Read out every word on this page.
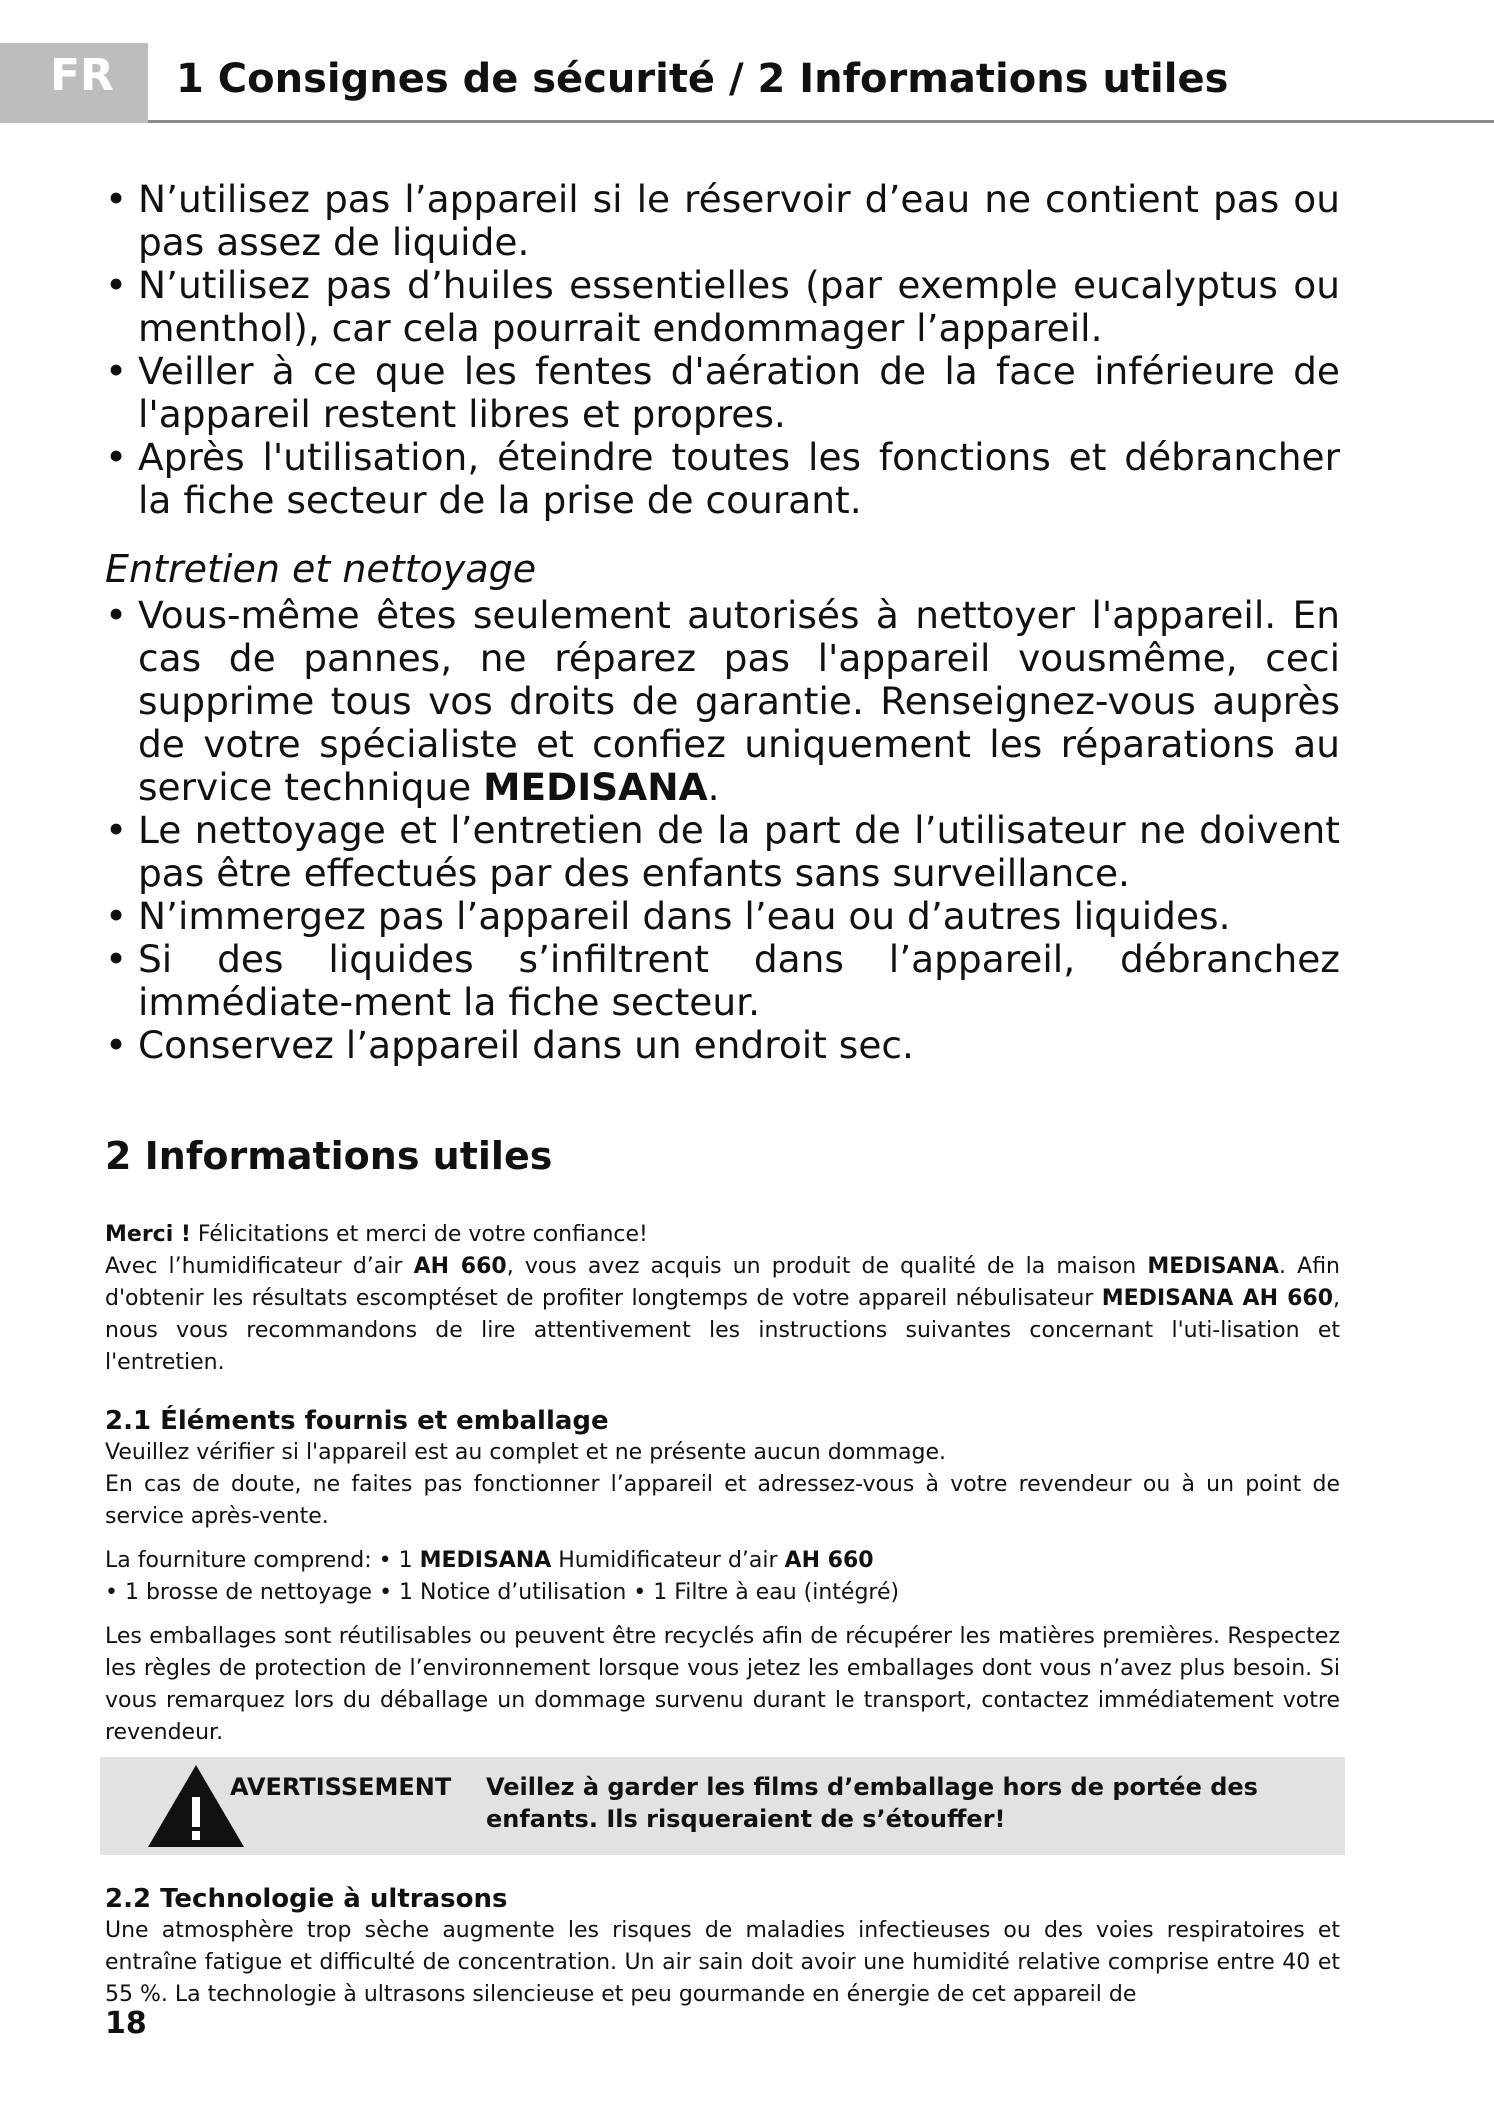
FR	1 Consignes de sécurité / 2 Informations utiles
• N’utilisez pas l’appareil si le réservoir d’eau ne contient pas ou pas assez de liquide.
• N’utilisez pas d’huiles essentielles (par exemple eucalyptus ou menthol), car cela pourrait endommager l’appareil.
• Veiller à ce que les fentes d'aération de la face inférieure de l'appareil restent libres et propres.
• Après l'utilisation, éteindre toutes les fonctions et débrancher la fiche secteur de la prise de courant.
Entretien et nettoyage
• Vous-même êtes seulement autorisés à nettoyer l'appareil. En cas de pannes, ne réparez pas l'appareil vousmême, ceci supprime tous vos droits de garantie. Renseignez-vous auprès de votre spécialiste et confiez uniquement les réparations au service technique MEDISANA.
• Le nettoyage et l’entretien de la part de l’utilisateur ne doivent pas être effectués par des enfants sans surveillance.
• N’immergez pas l’appareil dans l’eau ou d’autres liquides.
• Si des liquides s’infiltrent dans l’appareil, débranchez immédiate-ment la fiche secteur.
• Conservez l’appareil dans un endroit sec.
2 Informations utiles

Merci ! Félicitations et merci de votre confiance!

Avec l’humidificateur d’air AH 660, vous avez acquis un produit de qualité de la maison MEDISANA. Afin d'obtenir les résultats escomptéset de profiter longtemps de votre appareil nébulisateur MEDISANA AH 660, nous vous recommandons de lire attentivement les instructions suivantes concernant l'uti-lisation et l'entretien.

2.1 Éléments fournis et emballage

Veuillez vérifier si l'appareil est au complet et ne présente aucun dommage.

En cas de doute, ne faites pas fonctionner l’appareil et adressez-vous à votre revendeur ou à un point de service après-vente.

La fourniture comprend: • 1 MEDISANA Humidificateur d’air AH 660

• 1 brosse de nettoyage • 1 Notice d’utilisation • 1 Filtre à eau (intégré)

Les emballages sont réutilisables ou peuvent être recyclés afin de récupérer les matières premières. Respectez les règles de protection de l’environnement lorsque vous jetez les emballages dont vous n’avez plus besoin. Si vous remarquez lors du déballage un dommage survenu durant le transport, contactez immédiatement votre revendeur.

AVERTISSEMENT Veillez à garder les films d’emballage hors de portée des enfants. Ils risqueraient de s’étouffer!
2.2 Technologie à ultrasons

Une atmosphère trop sèche augmente les risques de maladies infectieuses ou des voies respiratoires et entraîne fatigue et difficulté de concentration. Un air sain doit avoir une humidité relative comprise entre 40 et 55 %. La technologie à ultrasons silencieuse et peu gourmande en énergie de cet appareil de

18
